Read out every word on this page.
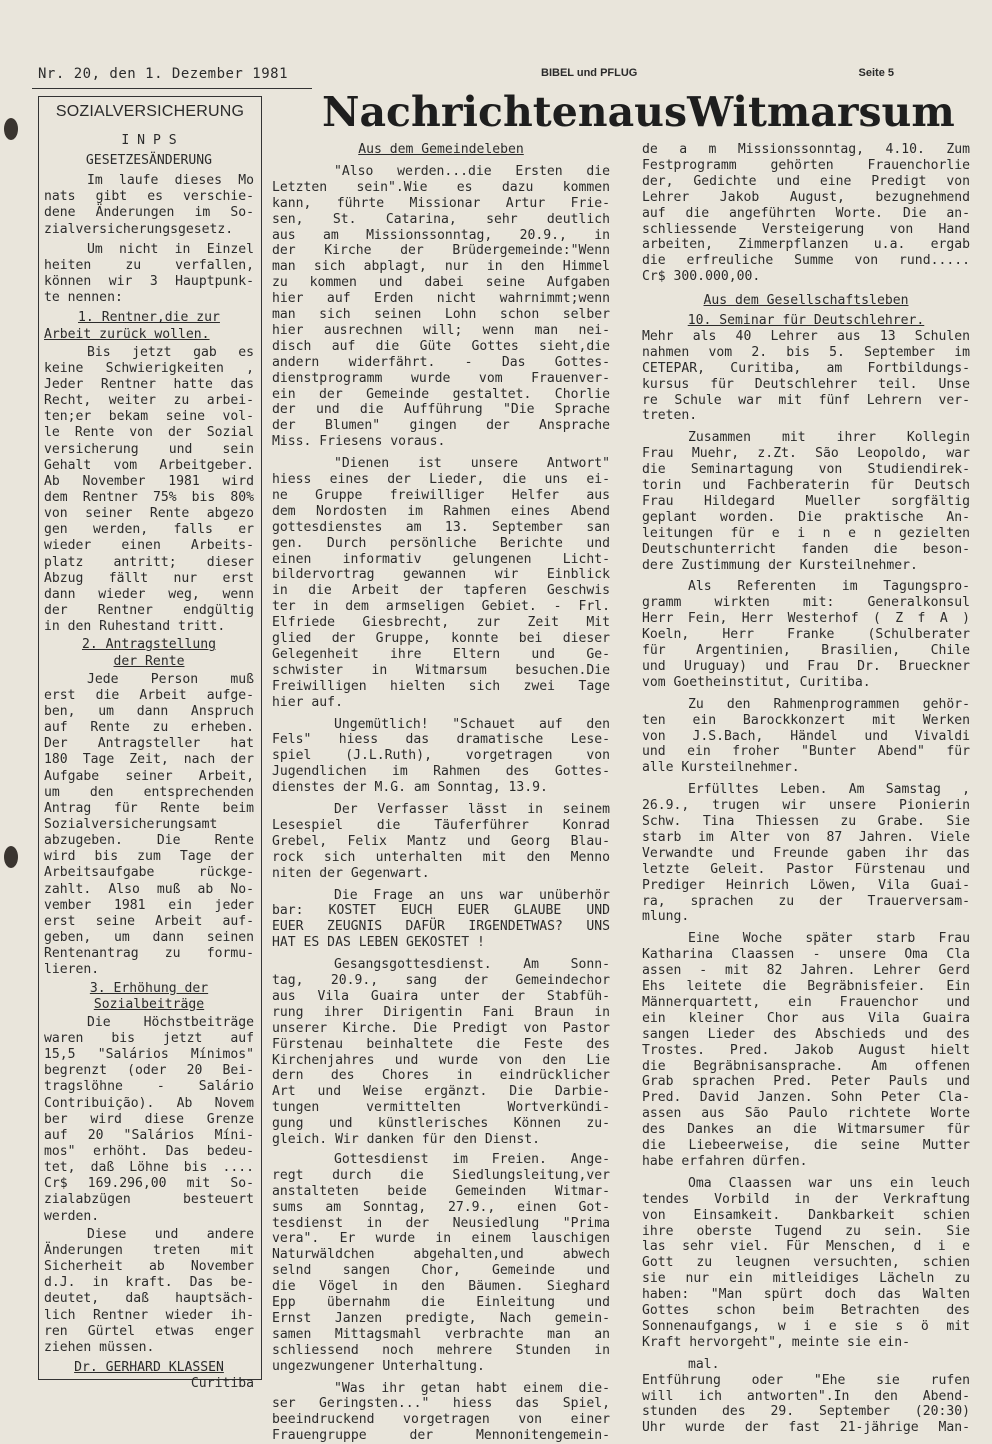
Nr. 20, den 1. Dezember 1981	BIBEL und PFLUG	Seite 5
SOZIALVERSICHERUNG
I N P S
GESETZESÄNDERUNG
Im laufe dieses Mo
nats gibt es verschie-
dene Änderungen im So-
zialversicherungsgesetz.
Um nicht in Einzel
heiten zu verfallen,
können wir 3 Hauptpunk-
te nennen:
1. Rentner,die zur
Arbeit zurück wollen.
Bis jetzt gab es
keine Schwierigkeiten ,
Jeder Rentner hatte das
Recht, weiter zu arbei-
ten;er bekam seine vol-
le Rente von der Sozial
versicherung und sein
Gehalt vom Arbeitgeber.
Ab November 1981 wird
dem Rentner 75% bis 80%
von seiner Rente abgezo
gen werden, falls er
wieder einen Arbeits-
platz antritt; dieser
Abzug fällt nur erst
dann wieder weg, wenn
der Rentner endgültig
in den Ruhestand tritt.
2. Antragstellung
der Rente
Jede Person muß
erst die Arbeit aufge-
ben, um dann Anspruch
auf Rente zu erheben.
Der Antragsteller hat
180 Tage Zeit, nach der
Aufgabe seiner Arbeit,
um den entsprechenden
Antrag für Rente beim
Sozialversicherungsamt
abzugeben. Die Rente
wird bis zum Tage der
Arbeitsaufgabe rückge-
zahlt. Also muß ab No-
vember 1981 ein jeder
erst seine Arbeit auf-
geben, um dann seinen
Rentenantrag zu formu-
lieren.
3. Erhöhung der
Sozialbeiträge
Die Höchstbeiträge
waren bis jetzt auf
15,5 "Salários Mínimos"
begrenzt (oder 20 Bei-
tragslöhne - Salário
Contribuição). Ab Novem
ber wird diese Grenze
auf 20 "Salários Míni-
mos" erhöht. Das bedeu-
tet, daß Löhne bis ....
Cr$ 169.296,00 mit So-
zialabzügen besteuert
werden.
Diese und andere
Änderungen treten mit
Sicherheit ab November
d.J. in kraft. Das be-
deutet, daß hauptsäch-
lich Rentner wieder ih-
ren Gürtel etwas enger
ziehen müssen.
Dr. GERHARD KLASSEN
Curitiba
Nachrichten aus Witmarsum
Aus dem Gemeindeleben
"Also werden...die Ersten die
Letzten sein".Wie es dazu kommen
kann, führte Missionar Artur Frie-
sen, St. Catarina, sehr deutlich
aus am Missionssonntag, 20.9., in
der Kirche der Brüdergemeinde:"Wenn
man sich abplagt, nur in den Himmel
zu kommen und dabei seine Aufgaben
hier auf Erden nicht wahrnimmt;wenn
man sich seinen Lohn schon selber
hier ausrechnen will; wenn man nei-
disch auf die Güte Gottes sieht,die
andern widerfährt. - Das Gottes-
dienstprogramm wurde vom Frauenver-
ein der Gemeinde gestaltet. Chorlie
der und die Aufführung "Die Sprache
der Blumen" gingen der Ansprache
Miss. Friesens voraus.
"Dienen ist unsere Antwort"
hiess eines der Lieder, die uns ei-
ne Gruppe freiwilliger Helfer aus
dem Nordosten im Rahmen eines Abend
gottesdienstes am 13. September san
gen. Durch persönliche Berichte und
einen informativ gelungenen Licht-
bildervortrag gewannen wir Einblick
in die Arbeit der tapferen Geschwis
ter in dem armseligen Gebiet. - Frl.
Elfriede Giesbrecht, zur Zeit Mit
glied der Gruppe, konnte bei dieser
Gelegenheit ihre Eltern und Ge-
schwister in Witmarsum besuchen.Die
Freiwilligen hielten sich zwei Tage
hier auf.
Ungemütlich! "Schauet auf den
Fels" hiess das dramatische Lese-
spiel (J.L.Ruth), vorgetragen von
Jugendlichen im Rahmen des Gottes-
dienstes der M.G. am Sonntag, 13.9.
Der Verfasser lässt in seinem
Lesespiel die Täuferführer Konrad
Grebel, Felix Mantz und Georg Blau-
rock sich unterhalten mit den Menno
niten der Gegenwart.
Die Frage an uns war unüberhör
bar: KOSTET EUCH EUER GLAUBE UND
EUER ZEUGNIS DAFÜR IRGENDETWAS? UNS
HAT ES DAS LEBEN GEKOSTET !
Gesangsgottesdienst. Am Sonn-
tag, 20.9., sang der Gemeindechor
aus Vila Guaira unter der Stabfüh-
rung ihrer Dirigentin Fani Braun in
unserer Kirche. Die Predigt von Pastor
Fürstenau beinhaltete die Feste des
Kirchenjahres und wurde von den Lie
dern des Chores in eindrücklicher
Art und Weise ergänzt. Die Darbie-
tungen vermittelten Wortverkündi-
gung und künstlerisches Können zu-
gleich. Wir danken für den Dienst.
Gottesdienst im Freien. Ange-
regt durch die Siedlungsleitung,ver
anstalteten beide Gemeinden Witmar-
sums am Sonntag, 27.9., einen Got-
tesdienst in der Neusiedlung "Prima
vera". Er wurde in einem lauschigen
Naturwäldchen abgehalten,und abwech
selnd sangen Chor, Gemeinde und
die Vögel in den Bäumen. Sieghard
Epp übernahm die Einleitung und
Ernst Janzen predigte, Nach gemein-
samen Mittagsmahl verbrachte man an
schliessend noch mehrere Stunden in
ungezwungener Unterhaltung.
"Was ihr getan habt einem die-
ser Geringsten..." hiess das Spiel,
beeindruckend vorgetragen von einer
Frauengruppe der Mennonitengemein-
de a m Missionssonntag, 4.10. Zum
Festprogramm gehörten Frauenchorlie
der, Gedichte und eine Predigt von
Lehrer Jakob August, bezugnehmend
auf die angeführten Worte. Die an-
schliessende Versteigerung von Hand
arbeiten, Zimmerpflanzen u.a. ergab
die erfreuliche Summe von rund.....
Cr$ 300.000,00.
Aus dem Gesellschaftsleben
10. Seminar für Deutschlehrer.
Mehr als 40 Lehrer aus 13 Schulen
nahmen vom 2. bis 5. September im
CETEPAR, Curitiba, am Fortbildungs-
kursus für Deutschlehrer teil. Unse
re Schule war mit fünf Lehrern ver-
treten.
Zusammen mit ihrer Kollegin
Frau Muehr, z.Zt. São Leopoldo, war
die Seminartagung von Studiendirek-
torin und Fachberaterin für Deutsch
Frau Hildegard Mueller sorgfältig
geplant worden. Die praktische An-
leitungen für e i n e n gezielten
Deutschunterricht fanden die beson-
dere Zustimmung der Kursteilnehmer.
Als Referenten im Tagungspro-
gramm wirkten mit: Generalkonsul
Herr Fein, Herr Westerhof ( Z f A )
Koeln, Herr Franke (Schulberater
für Argentinien, Brasilien, Chile
und Uruguay) und Frau Dr. Brueckner
vom Goetheinstitut, Curitiba.
Zu den Rahmenprogrammen gehör-
ten ein Barockkonzert mit Werken
von J.S.Bach, Händel und Vivaldi
und ein froher "Bunter Abend" für
alle Kursteilnehmer.
Erfülltes Leben. Am Samstag ,
26.9., trugen wir unsere Pionierin
Schw. Tina Thiessen zu Grabe. Sie
starb im Alter von 87 Jahren. Viele
Verwandte und Freunde gaben ihr das
letzte Geleit. Pastor Fürstenau und
Prediger Heinrich Löwen, Vila Guai-
ra, sprachen zu der Trauerversam-
mlung.
Eine Woche später starb Frau
Katharina Claassen - unsere Oma Cla
assen - mit 82 Jahren. Lehrer Gerd
Ehs leitete die Begräbnisfeier. Ein
Männerquartett, ein Frauenchor und
ein kleiner Chor aus Vila Guaira
sangen Lieder des Abschieds und des
Trostes. Pred. Jakob August hielt
die Begräbnisansprache. Am offenen
Grab sprachen Pred. Peter Pauls und
Pred. David Janzen. Sohn Peter Cla-
assen aus São Paulo richtete Worte
des Dankes an die Witmarsumer für
die Liebeerweise, die seine Mutter
habe erfahren dürfen.
Oma Claassen war uns ein leuch
tendes Vorbild in der Verkraftung
von Einsamkeit. Dankbarkeit schien
ihre oberste Tugend zu sein. Sie
las sehr viel. Für Menschen, d i e
Gott zu leugnen versuchten, schien
sie nur ein mitleidiges Lächeln zu
haben: "Man spürt doch das Walten
Gottes schon beim Betrachten des
Sonnenaufgangs, w i e sie s ö mit
Kraft hervorgeht", meinte sie ein-
mal.
Entführung oder "Ehe sie rufen
will ich antworten".In den Abend-
stunden des 29. September (20:30)
Uhr wurde der fast 21-jährige Man-
